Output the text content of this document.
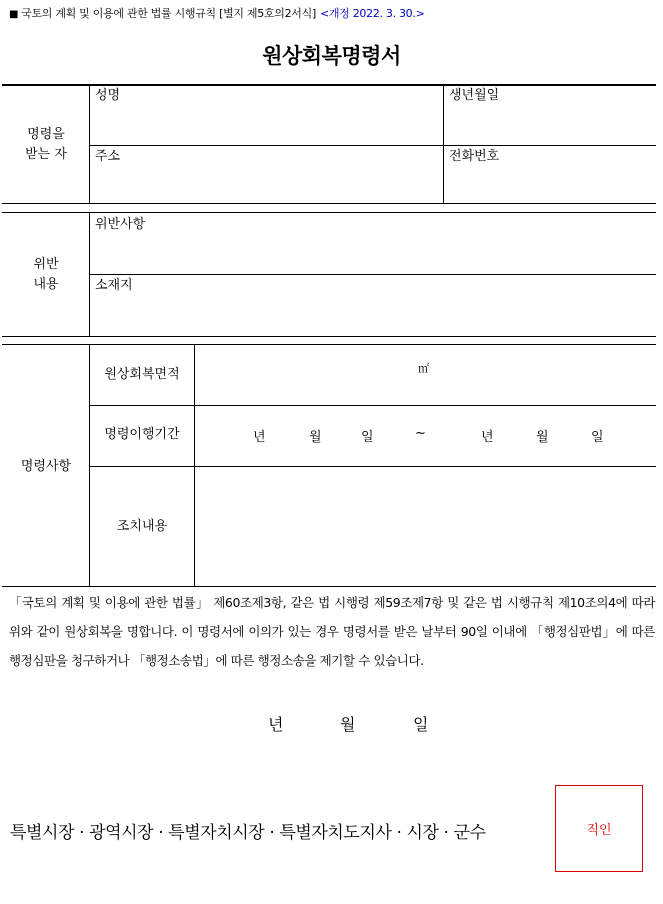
■ 국토의 계획 및 이용에 관한 법률 시행규칙 [별지 제5호의2서식] <개정 2022. 3. 30.>
원상회복명령서
명령을
받는 자
성명	생년월일
주소	전화번호
위반
내용
위반사항
소재지
명령사항
원상회복면적	㎡
명령이행기간	년	월	일	~	년	월	일
조치내용
「국토의 계획 및 이용에 관한 법률」 제60조제3항, 같은 법 시행령 제59조제7항 및 같은 법 시행규칙 제10조의4에 따라 위와 같이 원상회복을 명합니다. 이 명령서에 이의가 있는 경우 명령서를 받은 날부터 90일 이내에 「행정심판법」에 따른 행정심판을 청구하거나 「행정소송법」에 따른 행정소송을 제기할 수 있습니다.
년	월	일
특별시장 · 광역시장 · 특별자치시장 · 특별자치도지사 · 시장 · 군수	직인
